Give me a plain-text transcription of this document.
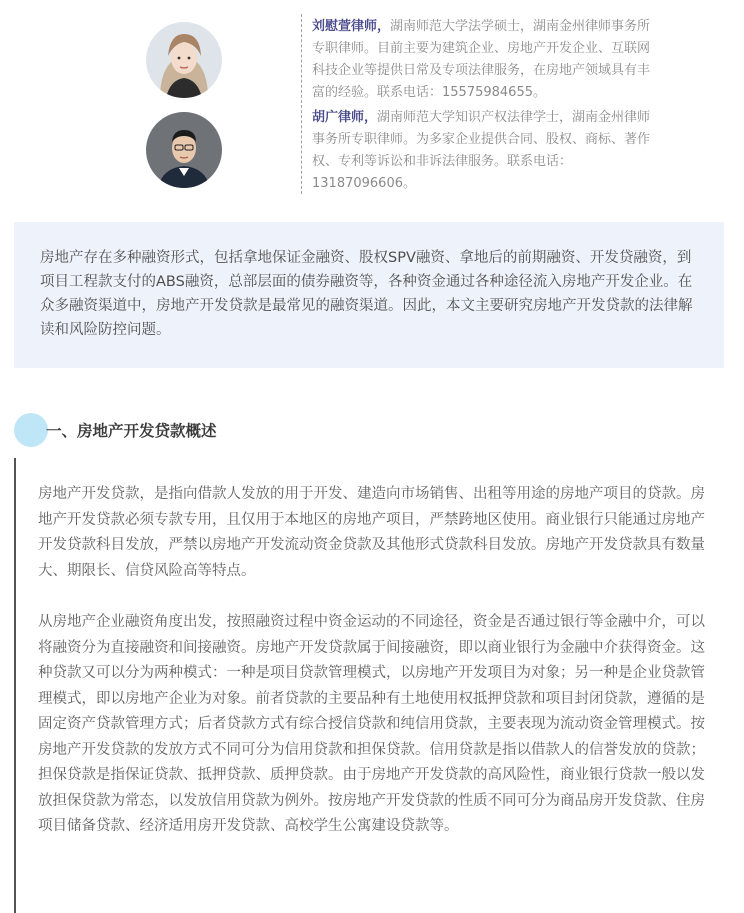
刘慰萱律师，湖南师范大学法学硕士，湖南金州律师事务所专职律师。目前主要为建筑企业、房地产开发企业、互联网科技企业等提供日常及专项法律服务，在房地产领域具有丰富的经验。联系电话：15575984655。

胡广律师，湖南师范大学知识产权法律学士，湖南金州律师事务所专职律师。为多家企业提供合同、股权、商标、著作权、专利等诉讼和非诉法律服务。联系电话：13187096606。

房地产存在多种融资形式，包括拿地保证金融资、股权SPV融资、拿地后的前期融资、开发贷融资，到项目工程款支付的ABS融资，总部层面的债券融资等，各种资金通过各种途径流入房地产开发企业。在众多融资渠道中，房地产开发贷款是最常见的融资渠道。因此，本文主要研究房地产开发贷款的法律解读和风险防控问题。

一、房地产开发贷款概述

房地产开发贷款，是指向借款人发放的用于开发、建造向市场销售、出租等用途的房地产项目的贷款。房地产开发贷款必须专款专用，且仅用于本地区的房地产项目，严禁跨地区使用。商业银行只能通过房地产开发贷款科目发放，严禁以房地产开发流动资金贷款及其他形式贷款科目发放。房地产开发贷款具有数量大、期限长、信贷风险高等特点。

从房地产企业融资角度出发，按照融资过程中资金运动的不同途径，资金是否通过银行等金融中介，可以将融资分为直接融资和间接融资。房地产开发贷款属于间接融资，即以商业银行为金融中介获得资金。这种贷款又可以分为两种模式：一种是项目贷款管理模式，以房地产开发项目为对象；另一种是企业贷款管理模式，即以房地产企业为对象。前者贷款的主要品种有土地使用权抵押贷款和项目封闭贷款，遵循的是固定资产贷款管理方式；后者贷款方式有综合授信贷款和纯信用贷款，主要表现为流动资金管理模式。按房地产开发贷款的发放方式不同可分为信用贷款和担保贷款。信用贷款是指以借款人的信誉发放的贷款；担保贷款是指保证贷款、抵押贷款、质押贷款。由于房地产开发贷款的高风险性，商业银行贷款一般以发放担保贷款为常态，以发放信用贷款为例外。按房地产开发贷款的性质不同可分为商品房开发贷款、住房项目储备贷款、经济适用房开发贷款、高校学生公寓建设贷款等。
